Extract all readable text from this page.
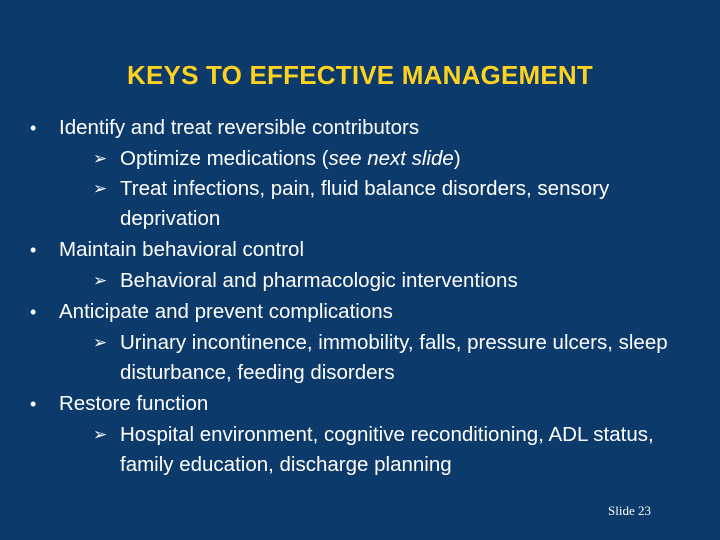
KEYS TO EFFECTIVE MANAGEMENT
• Identify and treat reversible contributors
➢ Optimize medications (see next slide)
➢ Treat infections, pain, fluid balance disorders, sensory deprivation
• Maintain behavioral control
➢ Behavioral and pharmacologic interventions
• Anticipate and prevent complications
➢ Urinary incontinence, immobility, falls, pressure ulcers, sleep disturbance, feeding disorders
• Restore function
➢ Hospital environment, cognitive reconditioning, ADL status, family education, discharge planning
Slide 23
